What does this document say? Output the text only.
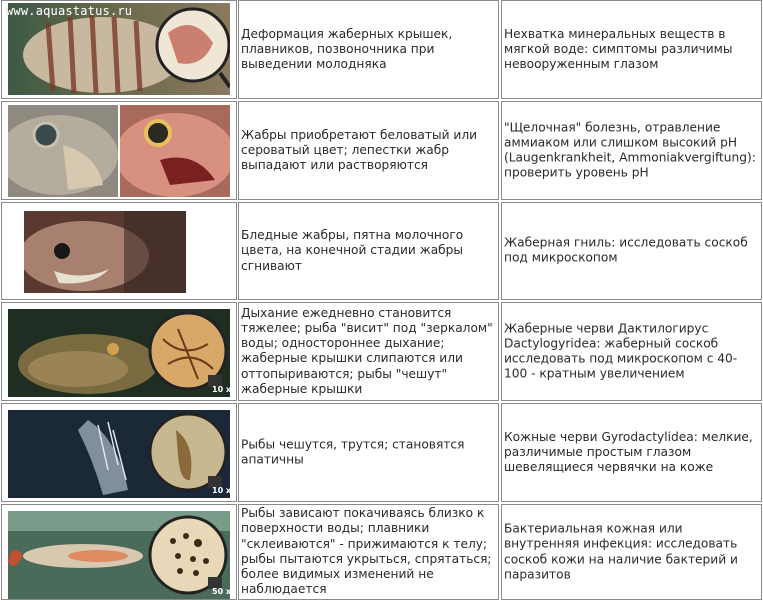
www.aquastatus.ru
Деформация жаберных крышек, плавников, позвоночника при выведении молодняка
Нехватка минеральных веществ в мягкой воде: симптомы различимы невооруженным глазом
Жабры приобретают беловатый или сероватый цвет; лепестки жабр выпадают или растворяются
"Щелочная" болезнь, отравление аммиаком или слишком высокий pH (Laugenkrankheit, Ammoniakvergiftung): проверить уровень pH
Бледные жабры, пятна молочного цвета, на конечной стадии жабры сгнивают
Жаберная гниль: исследовать соскоб под микроскопом
10 x
Дыхание ежедневно становится тяжелее; рыба "висит" под "зеркалом" воды; одностороннее дыхание; жаберные крышки слипаются или оттопыриваются; рыбы "чешут" жаберные крышки
Жаберные черви Дактилогирус Dactylogyridea: жаберный соскоб исследовать под микроскопом с 40-100 - кратным увеличением
10 x
Рыбы чешутся, трутся; становятся апатичны
Кожные черви Gyrodactylidea: мелкие, различимые простым глазом шевелящиеся червячки на коже
50 x
Рыбы зависают покачиваясь близко к поверхности воды; плавники "склеиваются" - прижимаются к телу; рыбы пытаются укрыться, спрятаться; более видимых изменений не наблюдается
Бактериальная кожная или внутренняя инфекция: исследовать соскоб кожи на наличие бактерий и паразитов
